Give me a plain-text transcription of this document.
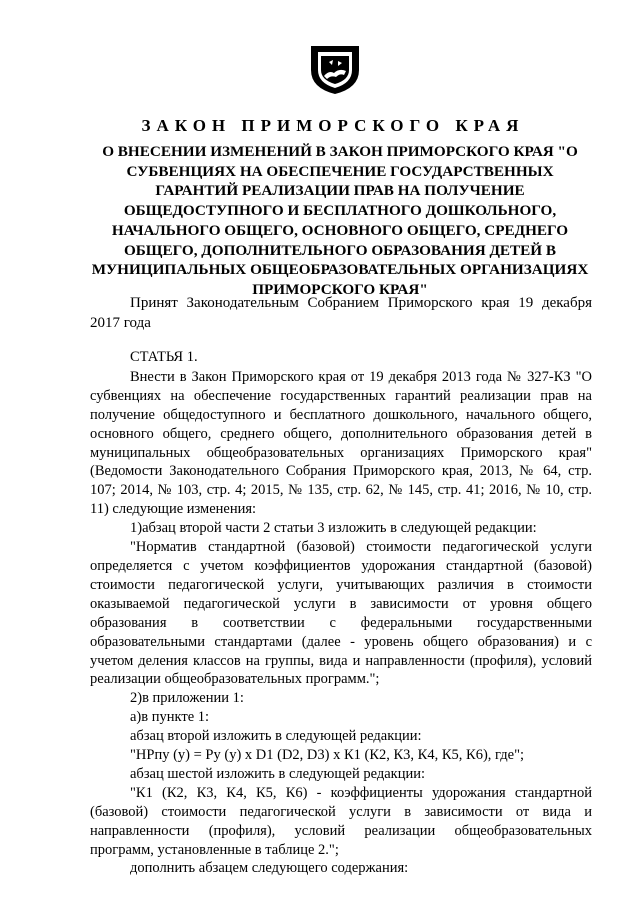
ЗАКОН ПРИМОРСКОГО КРАЯ
О ВНЕСЕНИИ ИЗМЕНЕНИЙ В ЗАКОН ПРИМОРСКОГО КРАЯ "О СУБВЕНЦИЯХ НА ОБЕСПЕЧЕНИЕ ГОСУДАРСТВЕННЫХ ГАРАНТИЙ РЕАЛИЗАЦИИ ПРАВ НА ПОЛУЧЕНИЕ ОБЩЕДОСТУПНОГО И БЕСПЛАТНОГО ДОШКОЛЬНОГО, НАЧАЛЬНОГО ОБЩЕГО, ОСНОВНОГО ОБЩЕГО, СРЕДНЕГО ОБЩЕГО, ДОПОЛНИТЕЛЬНОГО ОБРАЗОВАНИЯ ДЕТЕЙ В МУНИЦИПАЛЬНЫХ ОБЩЕОБРАЗОВАТЕЛЬНЫХ ОРГАНИЗАЦИЯХ ПРИМОРСКОГО КРАЯ"
Принят Законодательным Собранием Приморского края 19 декабря 2017 года

СТАТЬЯ 1.

Внести в Закон Приморского края от 19 декабря 2013 года № 327-КЗ "О субвенциях на обеспечение государственных гарантий реализации прав на получение общедоступного и бесплатного дошкольного, начального общего, основного общего, среднего общего, дополнительного образования детей в муниципальных общеобразовательных организациях Приморского края" (Ведомости Законодательного Собрания Приморского края, 2013, № 64, стр. 107; 2014, № 103, стр. 4; 2015, № 135, стр. 62, № 145, стр. 41; 2016, № 10, стр. 11) следующие изменения:

1)абзац второй части 2 статьи 3 изложить в следующей редакции:

"Норматив стандартной (базовой) стоимости педагогической услуги определяется с учетом коэффициентов удорожания стандартной (базовой) стоимости педагогической услуги, учитывающих различия в стоимости оказываемой педагогической услуги в зависимости от уровня общего образования в соответствии с федеральными государственными образовательными стандартами (далее - уровень общего образования) и с учетом деления классов на группы, вида и направленности (профиля), условий реализации общеобразовательных программ.";

2)в приложении 1:

а)в пункте 1:

абзац второй изложить в следующей редакции:

"НРпу (у) = Ру (у) x D1 (D2, D3) x К1 (К2, К3, К4, К5, К6), где";

абзац шестой изложить в следующей редакции:

"К1 (К2, К3, К4, К5, К6) - коэффициенты удорожания стандартной (базовой) стоимости педагогической услуги в зависимости от вида и направленности (профиля), условий реализации общеобразовательных программ, установленные в таблице 2.";

дополнить абзацем следующего содержания:
